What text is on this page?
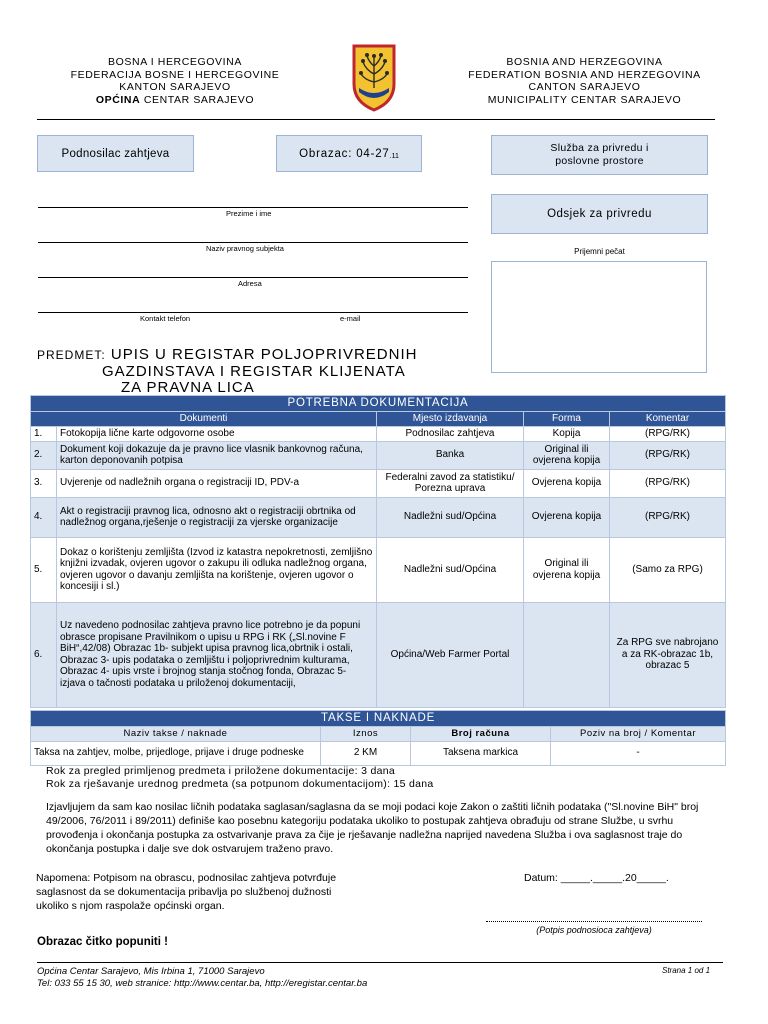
BOSNA I HERCEGOVINA
FEDERACIJA BOSNE I HERCEGOVINE
KANTON SARAJEVO
OPĆINA CENTAR SARAJEVO
BOSNIA AND HERZEGOVINA
FEDERATION BOSNIA AND HERZEGOVINA
CANTON SARAJEVO
MUNICIPALITY CENTAR SARAJEVO
Podnosilac zahtjeva	Obrazac: 04-27 .11
Služba za privredu i poslovne prostore
Odsjek za privredu
Prijemni pečat
Prezime i ime
Naziv pravnog subjekta
Adresa
Kontakt telefon	e-mail
PREDMET: UPIS U REGISTAR POLJOPRIVREDNIH
GAZDINSTAVA I REGISTAR KLIJENATA
ZA PRAVNA LICA
POTREBNA DOKUMENTACIJA				
Dokumenti		Mjesto izdavanja	Forma	Komentar
1.	Fotokopija lične karte odgovorne osobe	Podnosilac zahtjeva	Kopija	(RPG/RK)
2.	Dokument koji dokazuje da je pravno lice vlasnik bankovnog računa, karton deponovanih potpisa	Banka	Original ili ovjerena kopija	(RPG/RK)
3.	Uvjerenje od nadležnih organa o registraciji ID, PDV-a	Federalni zavod za statistiku/ Porezna uprava	Ovjerena kopija	(RPG/RK)
4.	Akt o registraciji pravnog lica, odnosno akt o registraciji obrtnika od nadležnog organa,rješenje o registraciji za vjerske organizacije	Nadležni sud/Općina	Ovjerena kopija	(RPG/RK)
5.	Dokaz o korištenju zemljišta (Izvod iz katastra nepokretnosti, zemljišno knjižni izvadak, ovjeren ugovor o zakupu ili odluka nadležnog organa, ovjeren ugovor o davanju zemljišta na korištenje, ovjeren ugovor o koncesiji i sl.)	Nadležni sud/Općina	Original ili ovjerena kopija	(Samo za RPG)
6.	Uz navedeno podnosilac zahtjeva pravno lice potrebno je da popuni obrasce propisane Pravilnikom o upisu u RPG i RK („Sl.novine F BiH“,42/08) Obrazac 1b- subjekt upisa pravnog lica,obrtnik i ostali, Obrazac 3- upis podataka o zemljištu i poljoprivrednim kulturama, Obrazac 4- upis vrste i brojnog stanja stočnog fonda, Obrazac 5- izjava o tačnosti podataka u priloženoj dokumentaciji,	Općina/Web Farmer Portal		Za RPG sve nabrojano a za RK-obrazac 1b, obrazac 5
TAKSE I NAKNADE			
Naziv takse / naknade	Iznos	Broj računa	Poziv na broj / Komentar
Taksa na zahtjev, molbe, prijedloge, prijave i druge podneske	2 KM	Taksena markica	-
Rok za pregled primljenog predmeta i priložene dokumentacije: 3 dana
Rok za rješavanje urednog predmeta (sa potpunom dokumentacijom): 15 dana
Izjavljujem da sam kao nosilac ličnih podataka saglasan/saglasna da se moji podaci koje Zakon o zaštiti ličnih podataka ("Sl.novine BiH" broj 49/2006, 76/2011 i 89/2011) definiše kao posebnu kategoriju podataka ukoliko to postupak zahtjeva obrađuju od strane Službe, u svrhu provođenja i okončanja postupka za ostvarivanje prava za čije je rješavanje nadležna naprijed navedena Služba i ova saglasnost traje do okončanja postupka i dalje sve dok ostvarujem traženo pravo.
Napomena: Potpisom na obrascu, podnosilac zahtjeva potvrđuje saglasnost da se dokumentacija pribavlja po službenoj dužnosti ukoliko s njom raspolaže općinski organ.
Datum: _____._____.20_____.
(Potpis podnosioca zahtjeva)
Obrazac čitko popuniti !
Općina Centar Sarajevo, Mis Irbina 1, 71000 Sarajevo
Tel: 033 55 15 30, web stranice: http://www.centar.ba, http://eregistar.centar.ba
Strana 1 od 1
